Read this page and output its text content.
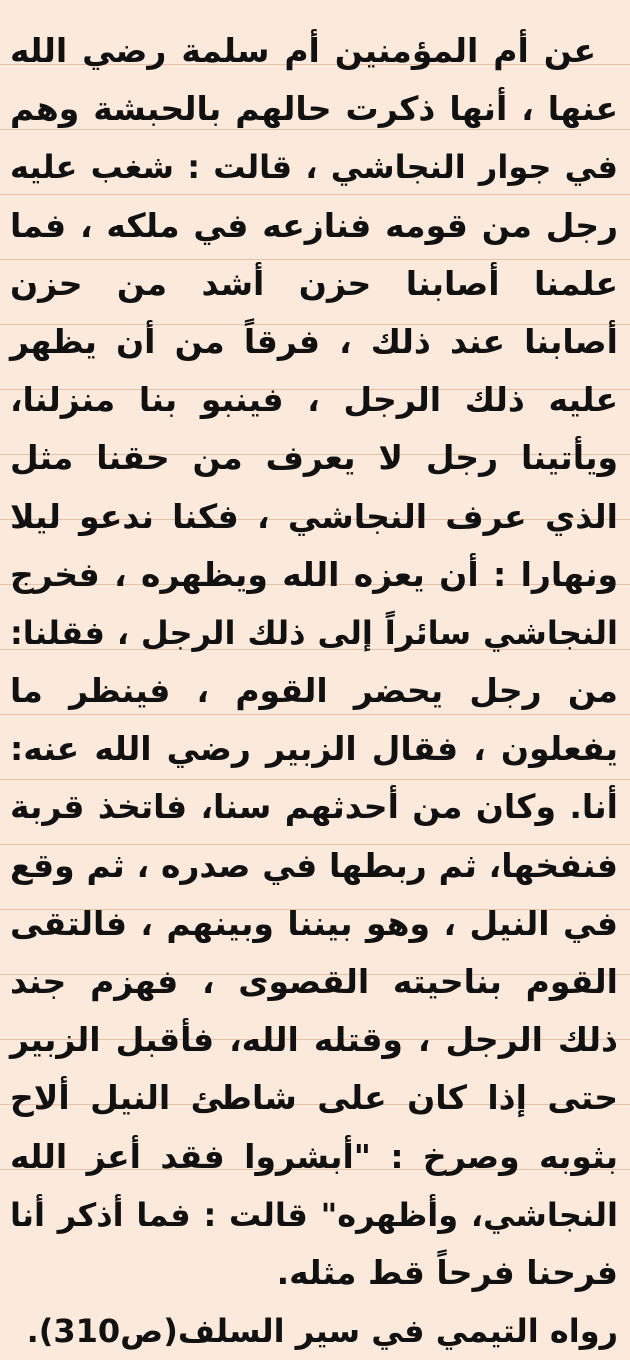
عن أم المؤمنين أم سلمة رضي الله
عنها ، أنها ذكرت حالهم بالحبشة وهم
في جوار النجاشي ، قالت : شغب عليه
رجل من قومه فنازعه في ملكه ، فما
علمنا أصابنا حزن أشد من حزن
أصابنا عند ذلك ، فرقاً من أن يظهر
عليه ذلك الرجل ، فينبو بنا منزلنا،
ويأتينا رجل لا يعرف من حقنا مثل
الذي عرف النجاشي ، فكنا ندعو ليلا
ونهارا : أن يعزه الله ويظهره ، فخرج
النجاشي سائراً إلى ذلك الرجل ، فقلنا:
من رجل يحضر القوم ، فينظر ما
يفعلون ، فقال الزبير رضي الله عنه:
أنا. وكان من أحدثهم سنا، فاتخذ قربة
فنفخها، ثم ربطها في صدره ، ثم وقع
في النيل ، وهو بيننا وبينهم ، فالتقى
القوم بناحيته القصوى ، فهزم جند
ذلك الرجل ، وقتله الله، فأقبل الزبير
حتى إذا كان على شاطئ النيل ألاح
بثوبه وصرخ : "أبشروا فقد أعز الله
النجاشي، وأظهره" قالت : فما أذكر أنا
فرحنا فرحاً قط مثله.
رواه التيمي في سير السلف(ص310).
